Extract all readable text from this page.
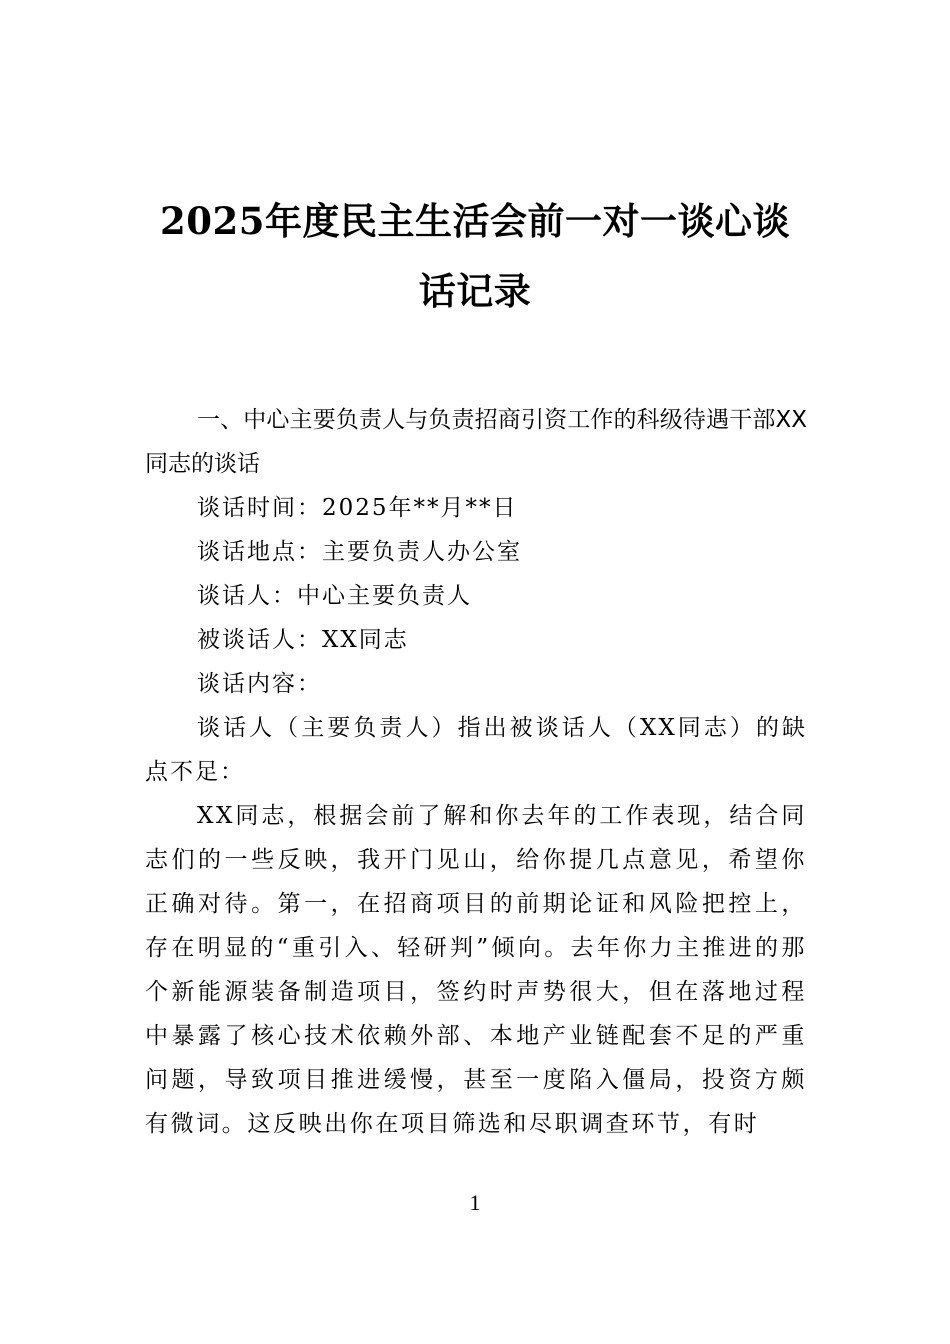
2025年度民主生活会前一对一谈心谈话记录

一、中心主要负责人与负责招商引资工作的科级待遇干部XX同志的谈话

谈话时间：2025年**月**日

谈话地点：主要负责人办公室

谈话人：中心主要负责人

被谈话人：XX同志

谈话内容：

谈话人（主要负责人）指出被谈话人（XX同志）的缺点不足：

XX同志，根据会前了解和你去年的工作表现，结合同志们的一些反映，我开门见山，给你提几点意见，希望你正确对待。第一，在招商项目的前期论证和风险把控上，存在明显的“重引入、轻研判”倾向。去年你力主推进的那个新能源装备制造项目，签约时声势很大，但在落地过程中暴露了核心技术依赖外部、本地产业链配套不足的严重问题，导致项目推进缓慢，甚至一度陷入僵局，投资方颇有微词。这反映出你在项目筛选和尽职调查环节，有时

1
